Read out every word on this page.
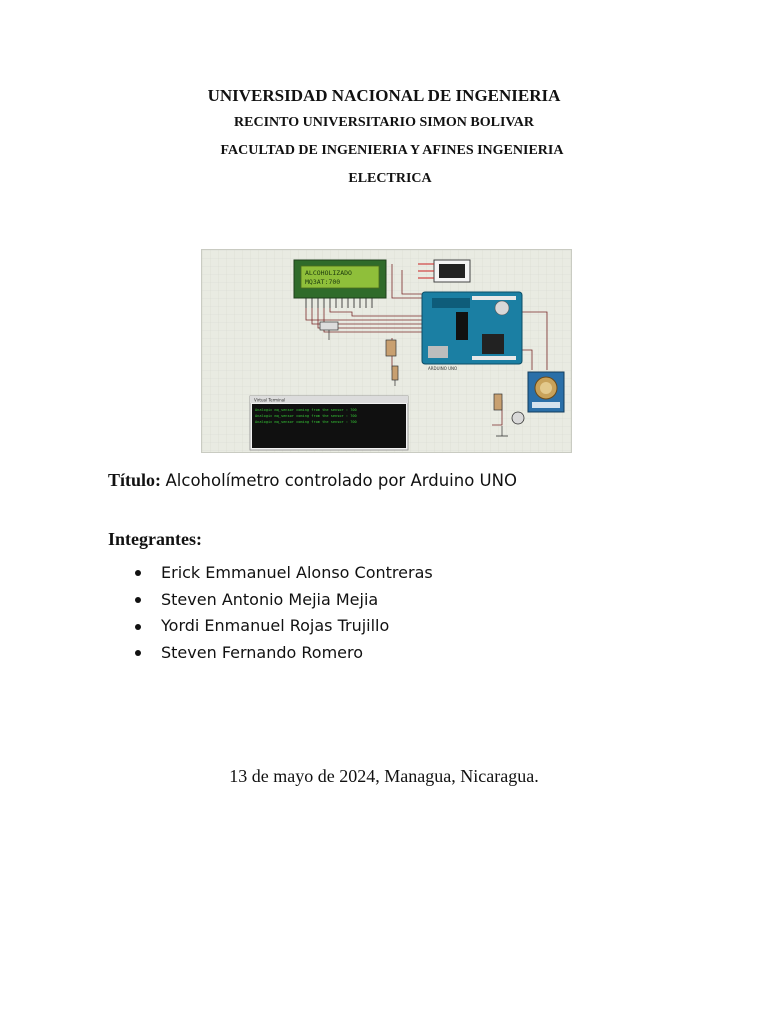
UNIVERSIDAD NACIONAL DE INGENIERIA
RECINTO UNIVERSITARIO SIMON BOLIVAR
FACULTAD DE INGENIERIA Y AFINES INGENIERIA
ELECTRICA
ALCOHOLIZADO
MQ3AT:700
ARDUINO UNO
Virtual Terminal
Analogic mq_sensor coming from the sensor : 700
Analogic mq_sensor coming from the sensor : 700
Analogic mq_sensor coming from the sensor : 700
Título: Alcoholímetro controlado por Arduino UNO
Integrantes:
Erick Emmanuel Alonso Contreras
Steven Antonio Mejia Mejia
Yordi Enmanuel Rojas Trujillo
Steven Fernando Romero
13 de mayo de 2024, Managua, Nicaragua.
